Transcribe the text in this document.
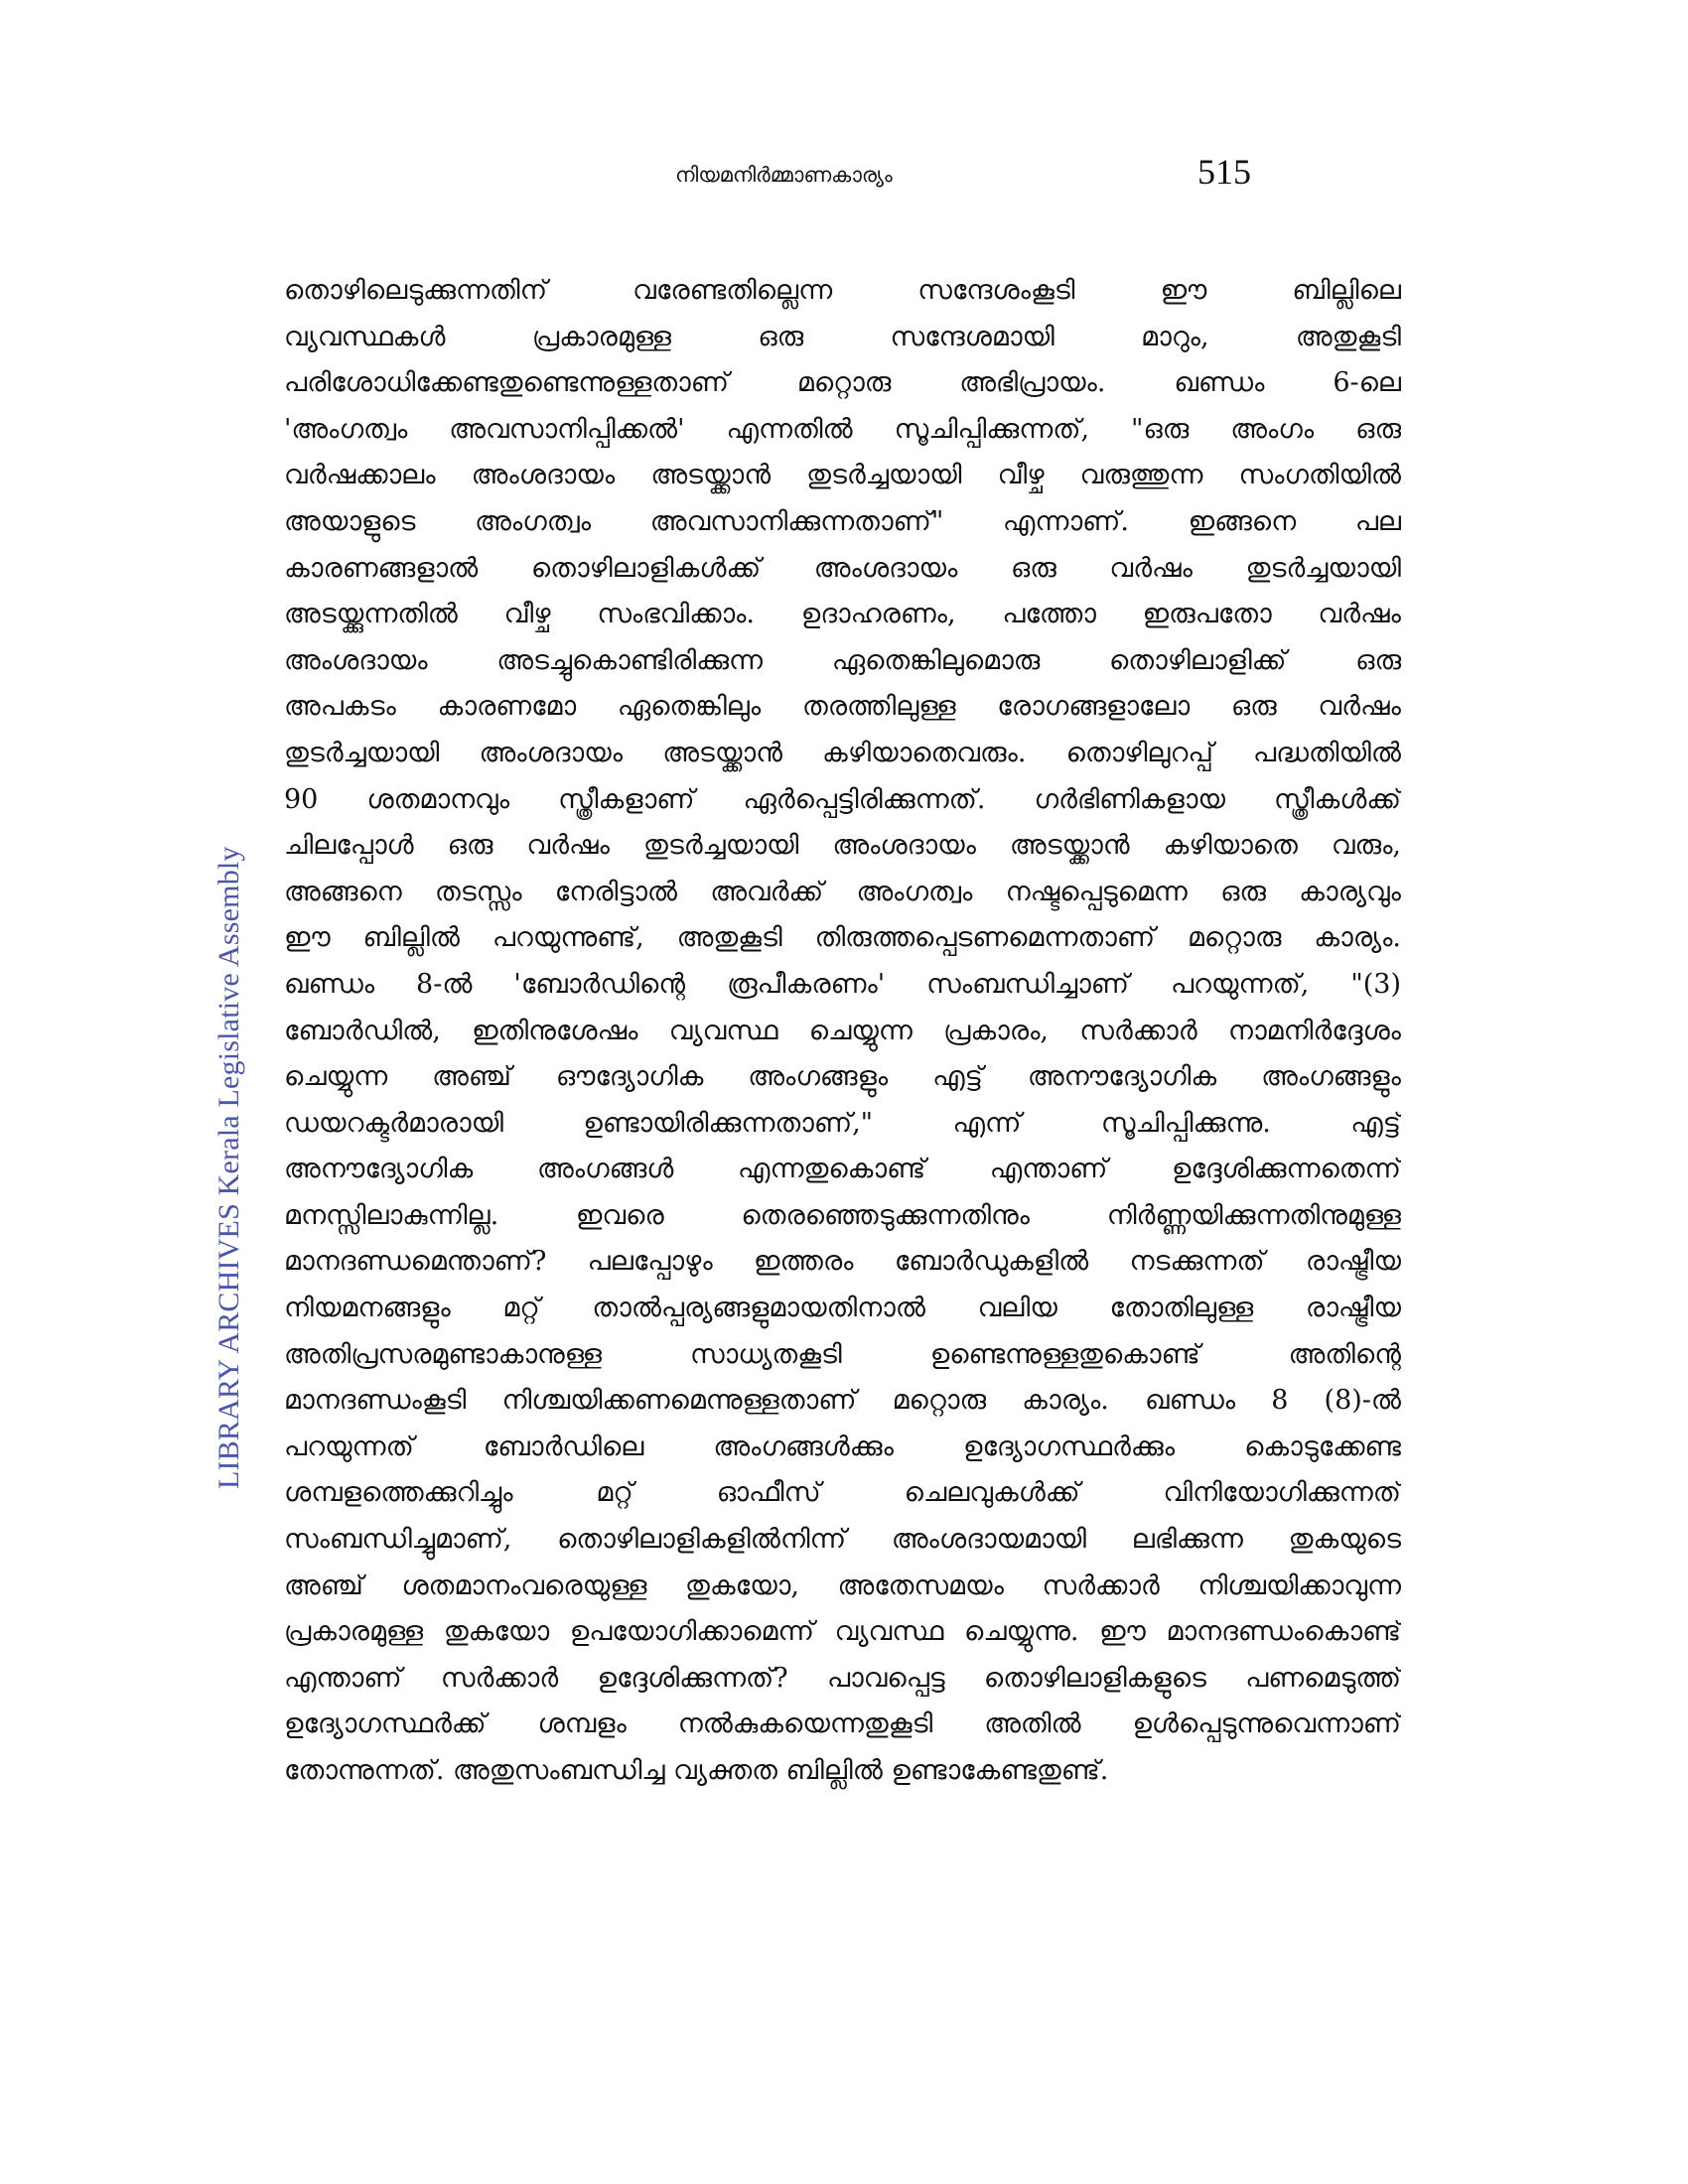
നിയമനിർമ്മാണകാര്യം	515
LIBRARY ARCHIVES Kerala Legislative Assembly
തൊഴിലെടുക്കുന്നതിന് വരേണ്ടതില്ലെന്ന സന്ദേശംകൂടി ഈ ബില്ലിലെ
വ്യവസ്ഥകൾ പ്രകാരമുള്ള ഒരു സന്ദേശമായി മാറും, അതുകൂടി
പരിശോധിക്കേണ്ടതുണ്ടെന്നുള്ളതാണ് മറ്റൊരു അഭിപ്രായം. ഖണ്ഡം 6-ലെ
'അംഗത്വം അവസാനിപ്പിക്കൽ' എന്നതിൽ സൂചിപ്പിക്കുന്നത്, "ഒരു അംഗം ഒരു
വർഷക്കാലം അംശദായം അടയ്ക്കാൻ തുടർച്ചയായി വീഴ്ച വരുത്തുന്ന സംഗതിയിൽ
അയാളുടെ അംഗത്വം അവസാനിക്കുന്നതാണ്" എന്നാണ്. ഇങ്ങനെ പല
കാരണങ്ങളാൽ തൊഴിലാളികൾക്ക് അംശദായം ഒരു വർഷം തുടർച്ചയായി
അടയ്ക്കുന്നതിൽ വീഴ്ച സംഭവിക്കാം. ഉദാഹരണം, പത്തോ ഇരുപതോ വർഷം
അംശദായം അടച്ചുകൊണ്ടിരിക്കുന്ന ഏതെങ്കിലുമൊരു തൊഴിലാളിക്ക് ഒരു
അപകടം കാരണമോ ഏതെങ്കിലും തരത്തിലുള്ള രോഗങ്ങളാലോ ഒരു വർഷം
തുടർച്ചയായി അംശദായം അടയ്ക്കാൻ കഴിയാതെവരും. തൊഴിലുറപ്പ് പദ്ധതിയിൽ
90 ശതമാനവും സ്ത്രീകളാണ് ഏർപ്പെട്ടിരിക്കുന്നത്. ഗർഭിണികളായ സ്ത്രീകൾക്ക്
ചിലപ്പോൾ ഒരു വർഷം തുടർച്ചയായി അംശദായം അടയ്ക്കാൻ കഴിയാതെ വരും,
അങ്ങനെ തടസ്സം നേരിട്ടാൽ അവർക്ക് അംഗത്വം നഷ്ടപ്പെടുമെന്ന ഒരു കാര്യവും
ഈ ബില്ലിൽ പറയുന്നുണ്ട്, അതുകൂടി തിരുത്തപ്പെടണമെന്നതാണ് മറ്റൊരു കാര്യം.
ഖണ്ഡം 8-ൽ 'ബോർഡിന്റെ രൂപീകരണം' സംബന്ധിച്ചാണ് പറയുന്നത്, "(3)
ബോർഡിൽ, ഇതിനുശേഷം വ്യവസ്ഥ ചെയ്യുന്ന പ്രകാരം, സർക്കാർ നാമനിർദ്ദേശം
ചെയ്യുന്ന അഞ്ച് ഔദ്യോഗിക അംഗങ്ങളും എട്ട് അനൗദ്യോഗിക അംഗങ്ങളും
ഡയറക്ടർമാരായി ഉണ്ടായിരിക്കുന്നതാണ്," എന്ന് സൂചിപ്പിക്കുന്നു. എട്ട്
അനൗദ്യോഗിക അംഗങ്ങൾ എന്നതുകൊണ്ട് എന്താണ് ഉദ്ദേശിക്കുന്നതെന്ന്
മനസ്സിലാകുന്നില്ല. ഇവരെ തെരഞ്ഞെടുക്കുന്നതിനും നിർണ്ണയിക്കുന്നതിനുമുള്ള
മാനദണ്ഡമെന്താണ്? പലപ്പോഴും ഇത്തരം ബോർഡുകളിൽ നടക്കുന്നത് രാഷ്ട്രീയ
നിയമനങ്ങളും മറ്റ് താൽപ്പര്യങ്ങളുമായതിനാൽ വലിയ തോതിലുള്ള രാഷ്ട്രീയ
അതിപ്രസരമുണ്ടാകാനുള്ള സാധ്യതകൂടി ഉണ്ടെന്നുള്ളതുകൊണ്ട് അതിന്റെ
മാനദണ്ഡംകൂടി നിശ്ചയിക്കണമെന്നുള്ളതാണ് മറ്റൊരു കാര്യം. ഖണ്ഡം 8 (8)-ൽ
പറയുന്നത് ബോർഡിലെ അംഗങ്ങൾക്കും ഉദ്യോഗസ്ഥർക്കും കൊടുക്കേണ്ട
ശമ്പളത്തെക്കുറിച്ചും മറ്റ് ഓഫീസ് ചെലവുകൾക്ക് വിനിയോഗിക്കുന്നത്
സംബന്ധിച്ചുമാണ്, തൊഴിലാളികളിൽനിന്ന് അംശദായമായി ലഭിക്കുന്ന തുകയുടെ
അഞ്ച് ശതമാനംവരെയുള്ള തുകയോ, അതേസമയം സർക്കാർ നിശ്ചയിക്കാവുന്ന
പ്രകാരമുള്ള തുകയോ ഉപയോഗിക്കാമെന്ന് വ്യവസ്ഥ ചെയ്യുന്നു. ഈ മാനദണ്ഡംകൊണ്ട്
എന്താണ് സർക്കാർ ഉദ്ദേശിക്കുന്നത്? പാവപ്പെട്ട തൊഴിലാളികളുടെ പണമെടുത്ത്
ഉദ്യോഗസ്ഥർക്ക് ശമ്പളം നൽകുകയെന്നതുകൂടി അതിൽ ഉൾപ്പെടുന്നുവെന്നാണ്
തോന്നുന്നത്. അതുസംബന്ധിച്ച വ്യക്തത ബില്ലിൽ ഉണ്ടാകേണ്ടതുണ്ട്.
